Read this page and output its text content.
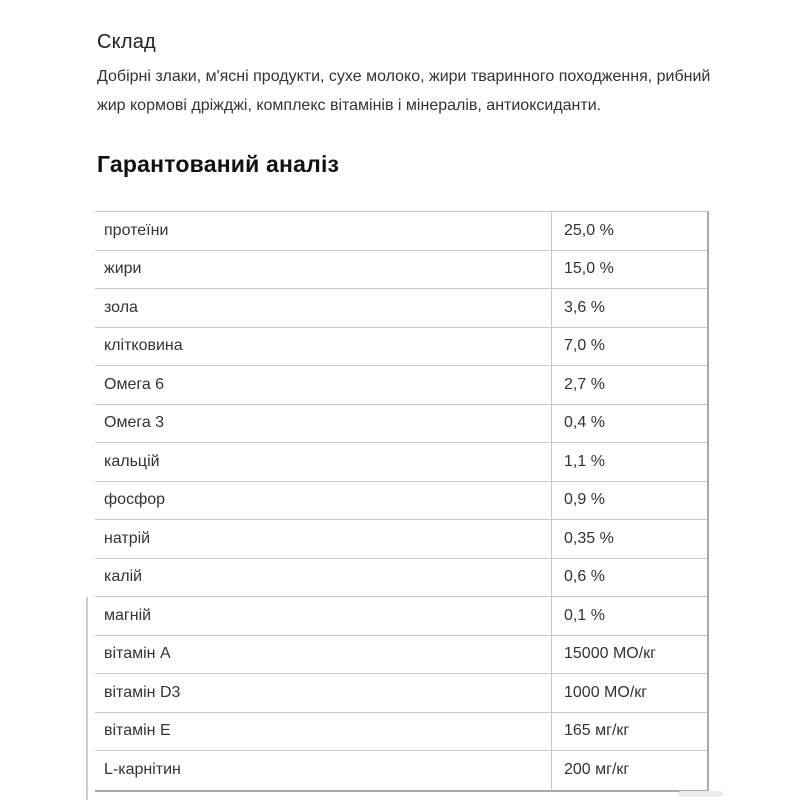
Склад

Добірні злаки, м'ясні продукти, сухе молоко, жири тваринного походження, рибний жир кормові дріжджі, комплекс вітамінів і мінералів, антиоксиданти.

Гарантований аналіз
протеїни	25,0 %
жири	15,0 %
зола	3,6 %
клітковина	7,0 %
Омега 6	2,7 %
Омега 3	0,4 %
кальцій	1,1 %
фосфор	0,9 %
натрій	0,35 %
калій	0,6 %
магній	0,1 %
вітамін А	15000 МО/кг
вітамін D3	1000 МО/кг
вітамін Е	165 мг/кг
L-карнітин	200 мг/кг
